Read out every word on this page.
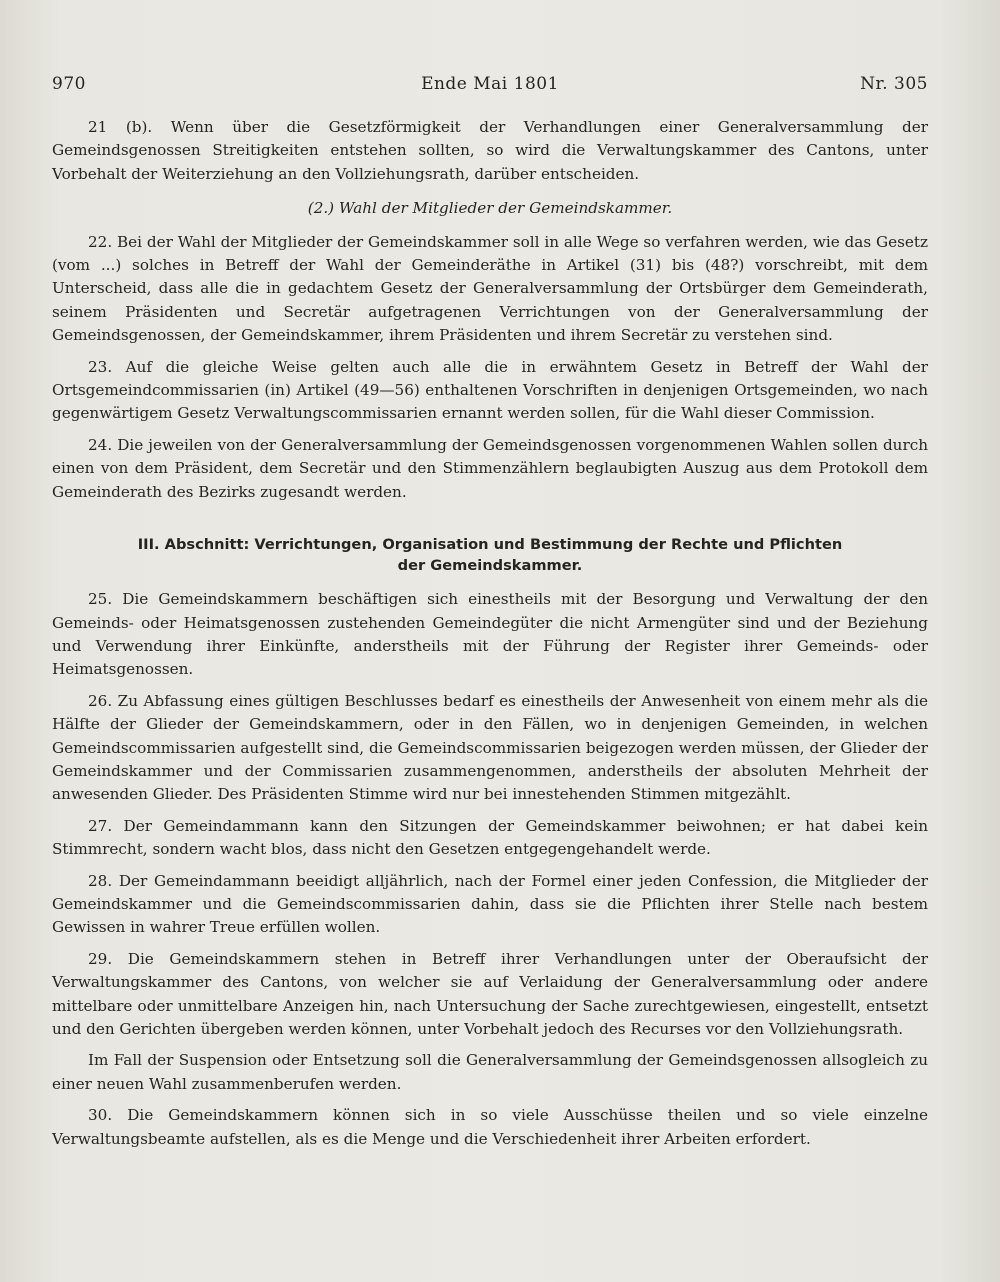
970	Ende Mai 1801	Nr. 305

21 (b). Wenn über die Gesetzförmigkeit der Verhandlungen einer Generalversammlung der Gemeindsgenossen Streitigkeiten entstehen sollten, so wird die Verwaltungskammer des Cantons, unter Vorbehalt der Weiterziehung an den Vollziehungsrath, darüber entscheiden.

(2.) Wahl der Mitglieder der Gemeindskammer.

22. Bei der Wahl der Mitglieder der Gemeindskammer soll in alle Wege so verfahren werden, wie das Gesetz (vom ...) solches in Betreff der Wahl der Gemeinderäthe in Artikel (31) bis (48?) vorschreibt, mit dem Unterscheid, dass alle die in gedachtem Gesetz der Generalversammlung der Ortsbürger dem Gemeinderath, seinem Präsidenten und Secretär aufgetragenen Verrichtungen von der Generalversammlung der Gemeindsgenossen, der Gemeindskammer, ihrem Präsidenten und ihrem Secretär zu verstehen sind.

23. Auf die gleiche Weise gelten auch alle die in erwähntem Gesetz in Betreff der Wahl der Ortsgemeindcommissarien (in) Artikel (49—56) enthaltenen Vorschriften in denjenigen Ortsgemeinden, wo nach gegenwärtigem Gesetz Verwaltungscommissarien ernannt werden sollen, für die Wahl dieser Commission.

24. Die jeweilen von der Generalversammlung der Gemeindsgenossen vorgenommenen Wahlen sollen durch einen von dem Präsident, dem Secretär und den Stimmenzählern beglaubigten Auszug aus dem Protokoll dem Gemeinderath des Bezirks zugesandt werden.

III. Abschnitt: Verrichtungen, Organisation und Bestimmung der Rechte und Pflichten
der Gemeindskammer.

25. Die Gemeindskammern beschäftigen sich einestheils mit der Besorgung und Verwaltung der den Gemeinds- oder Heimatsgenossen zustehenden Gemeindegüter die nicht Armengüter sind und der Beziehung und Verwendung ihrer Einkünfte, anderstheils mit der Führung der Register ihrer Gemeinds- oder Heimatsgenossen.

26. Zu Abfassung eines gültigen Beschlusses bedarf es einestheils der Anwesenheit von einem mehr als die Hälfte der Glieder der Gemeindskammern, oder in den Fällen, wo in denjenigen Gemeinden, in welchen Gemeindscommissarien aufgestellt sind, die Gemeindscommissarien beigezogen werden müssen, der Glieder der Gemeindskammer und der Commissarien zusammengenommen, anderstheils der absoluten Mehrheit der anwesenden Glieder. Des Präsidenten Stimme wird nur bei innestehenden Stimmen mitgezählt.

27. Der Gemeindammann kann den Sitzungen der Gemeindskammer beiwohnen; er hat dabei kein Stimmrecht, sondern wacht blos, dass nicht den Gesetzen entgegengehandelt werde.

28. Der Gemeindammann beeidigt alljährlich, nach der Formel einer jeden Confession, die Mitglieder der Gemeindskammer und die Gemeindscommissarien dahin, dass sie die Pflichten ihrer Stelle nach bestem Gewissen in wahrer Treue erfüllen wollen.

29. Die Gemeindskammern stehen in Betreff ihrer Verhandlungen unter der Oberaufsicht der Verwaltungskammer des Cantons, von welcher sie auf Verlaidung der Generalversammlung oder andere mittelbare oder unmittelbare Anzeigen hin, nach Untersuchung der Sache zurechtgewiesen, eingestellt, entsetzt und den Gerichten übergeben werden können, unter Vorbehalt jedoch des Recurses vor den Vollziehungsrath.

Im Fall der Suspension oder Entsetzung soll die Generalversammlung der Gemeindsgenossen allsogleich zu einer neuen Wahl zusammenberufen werden.

30. Die Gemeindskammern können sich in so viele Ausschüsse theilen und so viele einzelne Verwaltungsbeamte aufstellen, als es die Menge und die Verschiedenheit ihrer Arbeiten erfordert.
